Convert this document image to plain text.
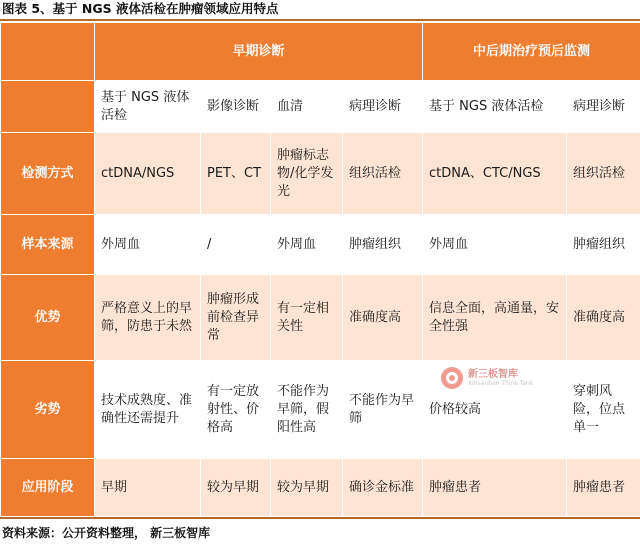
图表 5、基于 NGS 液体活检在肿瘤领域应用特点
	早期诊断				中后期治疗预后监测	
	基于 NGS 液体活检	影像诊断	血清	病理诊断	基于 NGS 液体活检	病理诊断
检测方式	ctDNA/NGS	PET、CT	肿瘤标志物/化学发光	组织活检	ctDNA、CTC/NGS	组织活检
样本来源	外周血	/	外周血	肿瘤组织	外周血	肿瘤组织
优势	严格意义上的早筛，防患于未然	肿瘤形成前检查异常	有一定相关性	准确度高	信息全面，高通量，安全性强	准确度高
劣势	技术成熟度、准确性还需提升	有一定放射性、价格高	不能作为早筛，假阳性高	不能作为早筛	价格较高	穿刺风险，位点单一
应用阶段	早期	较为早期	较为早期	确诊金标准	肿瘤患者	肿瘤患者
新三板智库
Xinsanban Think Tank
资料来源：公开资料整理， 新三板智库
